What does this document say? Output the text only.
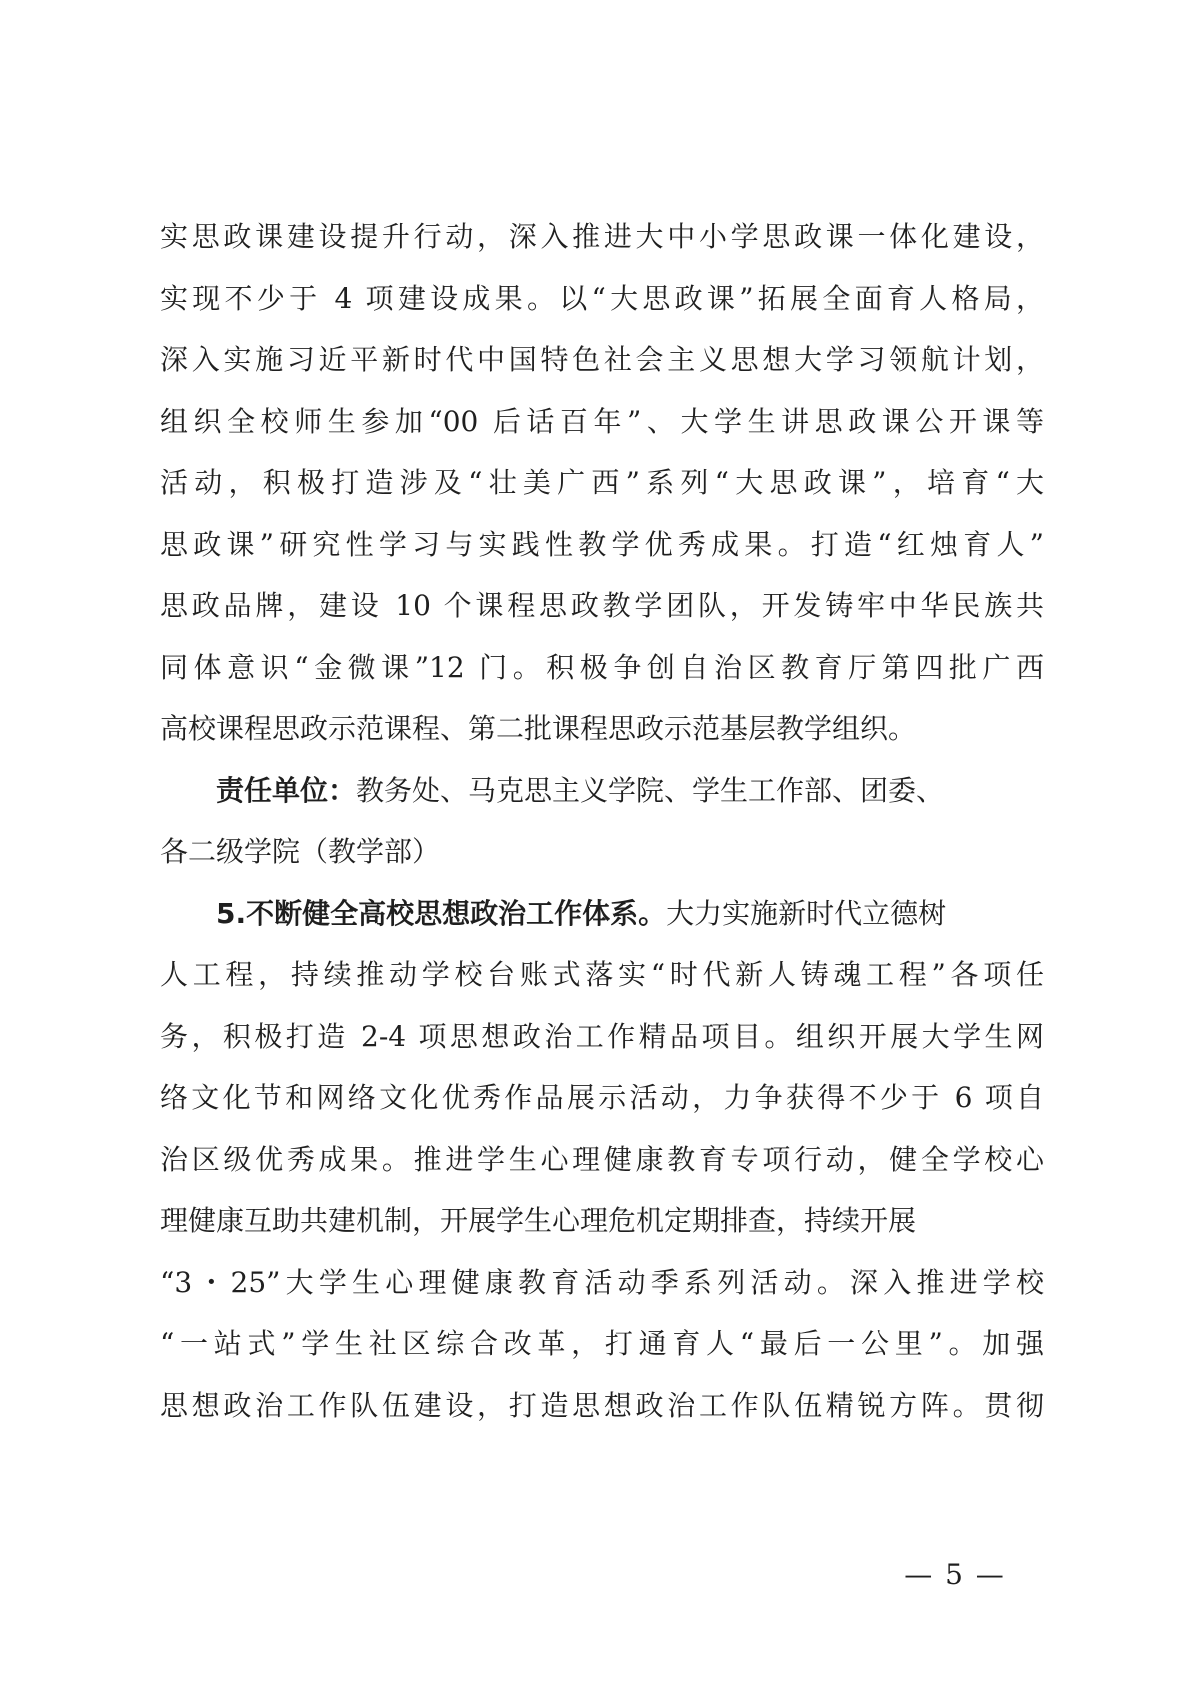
实思政课建设提升行动，深入推进大中小学思政课一体化建设，
实现不少于 4 项建设成果。以“大思政课”拓展全面育人格局，
深入实施习近平新时代中国特色社会主义思想大学习领航计划，
组织全校师生参加“00 后话百年”、大学生讲思政课公开课等
活动，积极打造涉及“壮美广西”系列“大思政课”，培育“大
思政课”研究性学习与实践性教学优秀成果。打造“红烛育人”
思政品牌，建设 10 个课程思政教学团队，开发铸牢中华民族共
同体意识“金微课”12 门。积极争创自治区教育厅第四批广西
高校课程思政示范课程、第二批课程思政示范基层教学组织。
责任单位：教务处、马克思主义学院、学生工作部、团委、
各二级学院（教学部）
5.不断健全高校思想政治工作体系。大力实施新时代立德树
人工程，持续推动学校台账式落实“时代新人铸魂工程”各项任
务，积极打造 2-4 项思想政治工作精品项目。组织开展大学生网
络文化节和网络文化优秀作品展示活动，力争获得不少于 6 项自
治区级优秀成果。推进学生心理健康教育专项行动，健全学校心
理健康互助共建机制，开展学生心理危机定期排查，持续开展
“3・25”大学生心理健康教育活动季系列活动。深入推进学校
“一站式”学生社区综合改革，打通育人“最后一公里”。加强
思想政治工作队伍建设，打造思想政治工作队伍精锐方阵。贯彻
— 5 —
